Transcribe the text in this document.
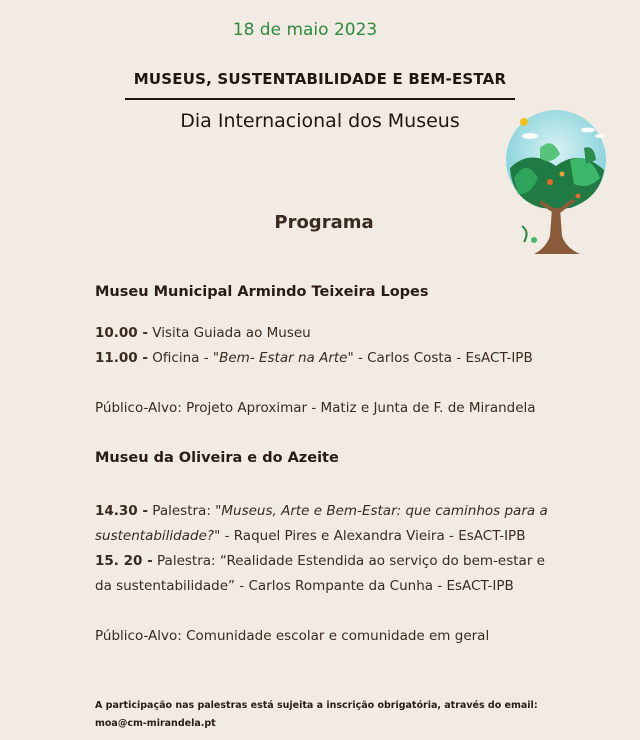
18 de maio 2023
MUSEUS, SUSTENTABILIDADE E BEM-ESTAR
Dia Internacional dos Museus
Programa
Museu Municipal Armindo Teixeira Lopes
10.00 - Visita Guiada ao Museu
11.00 - Oficina - "Bem- Estar na Arte" - Carlos Costa - EsACT-IPB
Público-Alvo: Projeto Aproximar - Matiz e Junta de F. de Mirandela
Museu da Oliveira e do Azeite
14.30 - Palestra: "Museus, Arte e Bem-Estar: que caminhos para a sustentabilidade?" - Raquel Pires e Alexandra Vieira - EsACT-IPB
15. 20 - Palestra: “Realidade Estendida ao serviço do bem-estar e da sustentabilidade” - Carlos Rompante da Cunha - EsACT-IPB
Público-Alvo: Comunidade escolar e comunidade em geral
A participação nas palestras está sujeita a inscrição obrigatória, através do email:
moa@cm-mirandela.pt
